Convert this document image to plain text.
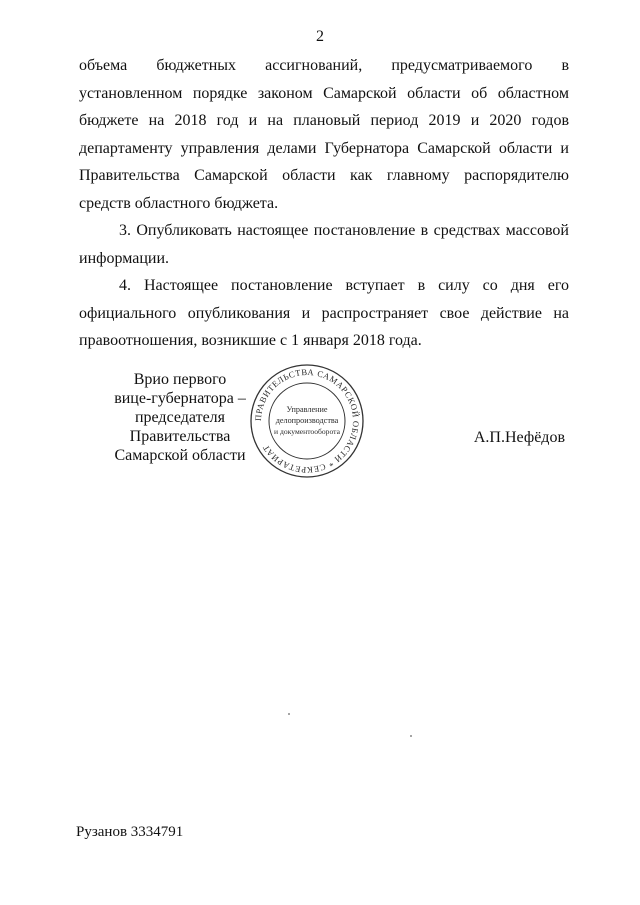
2

объема бюджетных ассигнований, предусматриваемого в установленном порядке законом Самарской области об областном бюджете на 2018 год и на плановый период 2019 и 2020 годов департаменту управления делами Губернатора Самарской области и Правительства Самарской области как главному распорядителю средств областного бюджета.

3. Опубликовать настоящее постановление в средствах массовой информации.

4. Настоящее постановление вступает в силу со дня его официального опубликования и распространяет свое действие на правоотношения, возникшие с 1 января 2018 года.

Врио первого
вице-губернатора –
председателя Правительства
Самарской области
ПРАВИТЕЛЬСТВА САМАРСКОЙ ОБЛАСТИ * СЕКРЕТАРИАТ
Управление
делопроизводства
и документооборота	А.П.Нефёдов
Рузанов 3334791
